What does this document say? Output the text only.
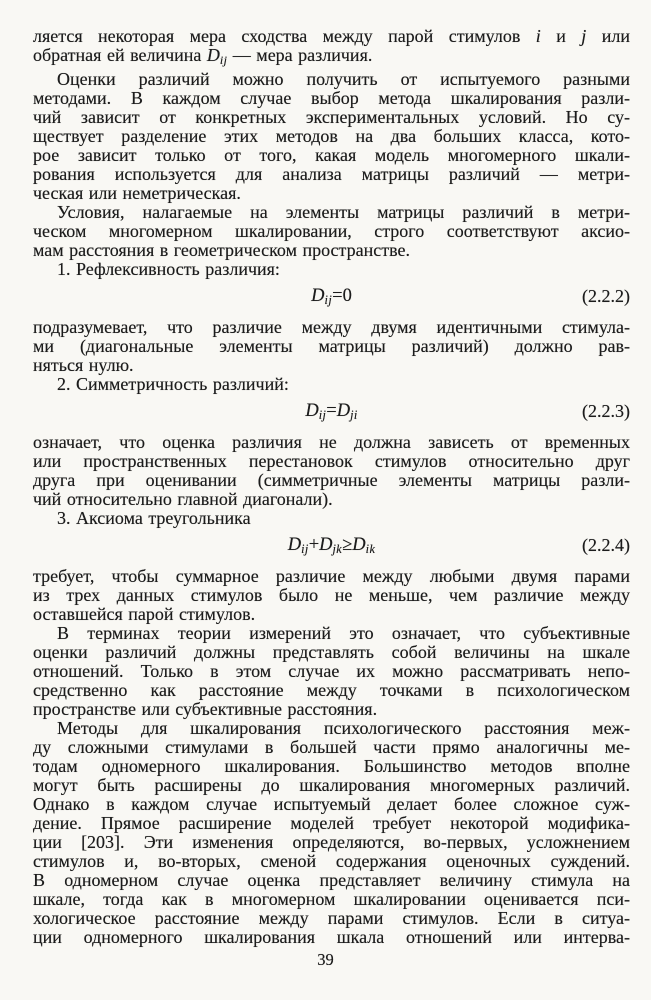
ляется некоторая мера сходства между парой стимулов i и j или
обратная ей величина $D_{ij}$ — мера различия.
Оценки различий можно получить от испытуемого разными
методами. В каждом случае выбор метода шкалирования разли-
чий зависит от конкретных экспериментальных условий. Но су-
ществует разделение этих методов на два больших класса, кото-
рое зависит только от того, какая модель многомерного шкали-
рования используется для анализа матрицы различий — метри-
ческая или неметрическая.
Условия, налагаемые на элементы матрицы различий в метри-
ческом многомерном шкалировании, строго соответствуют аксио-
мам расстояния в геометрическом пространстве.
1. Рефлексивность различия:
$D_{ij}=0$	(2.2.2)
подразумевает, что различие между двумя идентичными стимула-
ми (диагональные элементы матрицы различий) должно рав-
няться нулю.
2. Симметричность различий:
$D_{ij}=D_{ji}$	(2.2.3)
означает, что оценка различия не должна зависеть от временных
или пространственных перестановок стимулов относительно друг
друга при оценивании (симметричные элементы матрицы разли-
чий относительно главной диагонали).
3. Аксиома треугольника
$D_{ij}+D_{jk}\ge D_{ik}$	(2.2.4)
требует, чтобы суммарное различие между любыми двумя парами
из трех данных стимулов было не меньше, чем различие между
оставшейся парой стимулов.
В терминах теории измерений это означает, что субъективные
оценки различий должны представлять собой величины на шкале
отношений. Только в этом случае их можно рассматривать непо-
средственно как расстояние между точками в психологическом
пространстве или субъективные расстояния.
Методы для шкалирования психологического расстояния меж-
ду сложными стимулами в большей части прямо аналогичны ме-
тодам одномерного шкалирования. Большинство методов вполне
могут быть расширены до шкалирования многомерных различий.
Однако в каждом случае испытуемый делает более сложное суж-
дение. Прямое расширение моделей требует некоторой модифика-
ции [203]. Эти изменения определяются, во-первых, усложнением
стимулов и, во-вторых, сменой содержания оценочных суждений.
В одномерном случае оценка представляет величину стимула на
шкале, тогда как в многомерном шкалировании оценивается пси-
хологическое расстояние между парами стимулов. Если в ситуа-
ции одномерного шкалирования шкала отношений или интерва-
39
